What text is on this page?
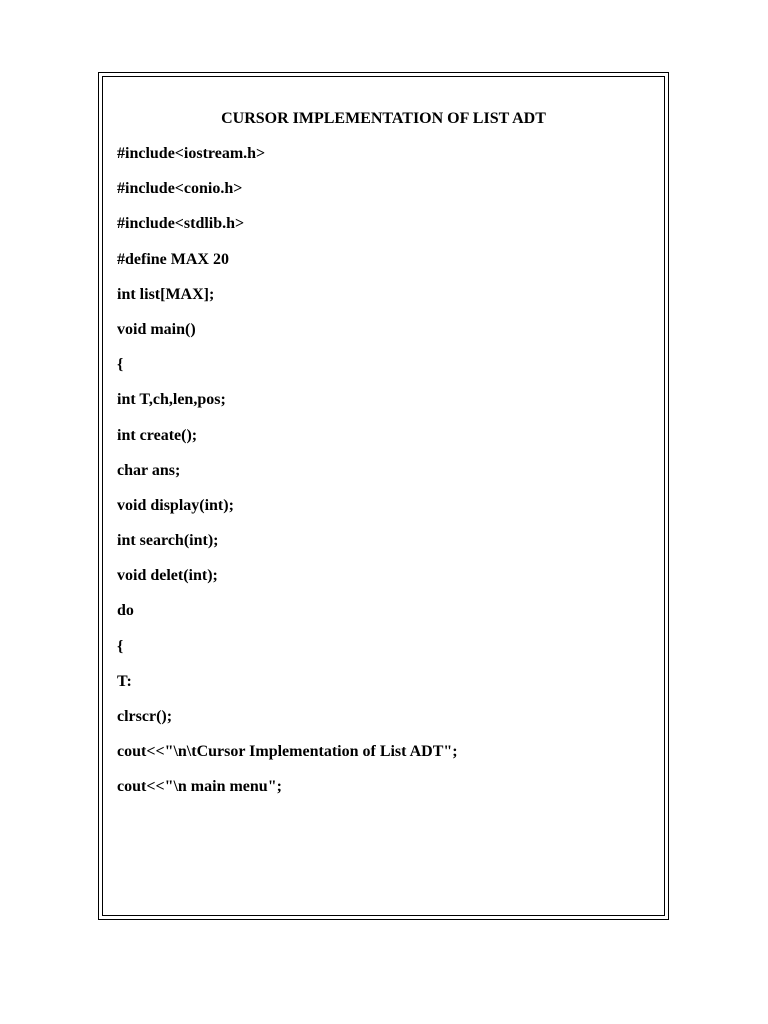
CURSOR IMPLEMENTATION OF LIST ADT
#include<iostream.h>
#include<conio.h>
#include<stdlib.h>
#define MAX 20
int list[MAX];
void main()
{
int T,ch,len,pos;
int create();
char ans;
void display(int);
int search(int);
void delet(int);
do
{
T:
clrscr();
cout<<"\n\tCursor Implementation of List ADT";
cout<<"\n main menu";
